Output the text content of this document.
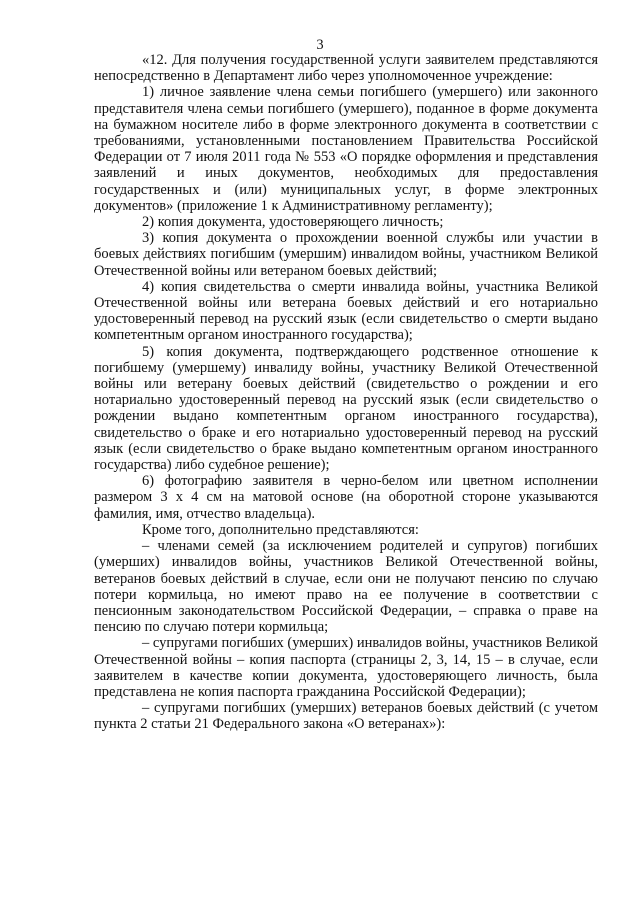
3

«12. Для получения государственной услуги заявителем представляются непосредственно в Департамент либо через уполномоченное учреждение:

1) личное заявление члена семьи погибшего (умершего) или законного представителя члена семьи погибшего (умершего), поданное в форме документа на бумажном носителе либо в форме электронного документа в соответствии с требованиями, установленными постановлением Правительства Российской Федерации от 7 июля 2011 года № 553 «О порядке оформления и представления заявлений и иных документов, необходимых для предоставления государственных и (или) муниципальных услуг, в форме электронных документов» (приложение 1 к Административному регламенту);

2) копия документа, удостоверяющего личность;

3) копия документа о прохождении военной службы или участии в боевых действиях погибшим (умершим) инвалидом войны, участником Великой Отечественной войны или ветераном боевых действий;

4) копия свидетельства о смерти инвалида войны, участника Великой Отечественной войны или ветерана боевых действий и его нотариально удостоверенный перевод на русский язык (если свидетельство о смерти выдано компетентным органом иностранного государства);

5) копия документа, подтверждающего родственное отношение к погибшему (умершему) инвалиду войны, участнику Великой Отечественной войны или ветерану боевых действий (свидетельство о рождении и его нотариально удостоверенный перевод на русский язык (если свидетельство о рождении выдано компетентным органом иностранного государства), свидетельство о браке и его нотариально удостоверенный перевод на русский язык (если свидетельство о браке выдано компетентным органом иностранного государства) либо судебное решение);

6) фотографию заявителя в черно-белом или цветном исполнении размером 3 х 4 см на матовой основе (на оборотной стороне указываются фамилия, имя, отчество владельца).

Кроме того, дополнительно представляются:

– членами семей (за исключением родителей и супругов) погибших (умерших) инвалидов войны, участников Великой Отечественной войны, ветеранов боевых действий в случае, если они не получают пенсию по случаю потери кормильца, но имеют право на ее получение в соответствии с пенсионным законодательством Российской Федерации, – справка о праве на пенсию по случаю потери кормильца;

– супругами погибших (умерших) инвалидов войны, участников Великой Отечественной войны – копия паспорта (страницы 2, 3, 14, 15 – в случае, если заявителем в качестве копии документа, удостоверяющего личность, была представлена не копия паспорта гражданина Российской Федерации);

– супругами погибших (умерших) ветеранов боевых действий (с учетом пункта 2 статьи 21 Федерального закона «О ветеранах»):
